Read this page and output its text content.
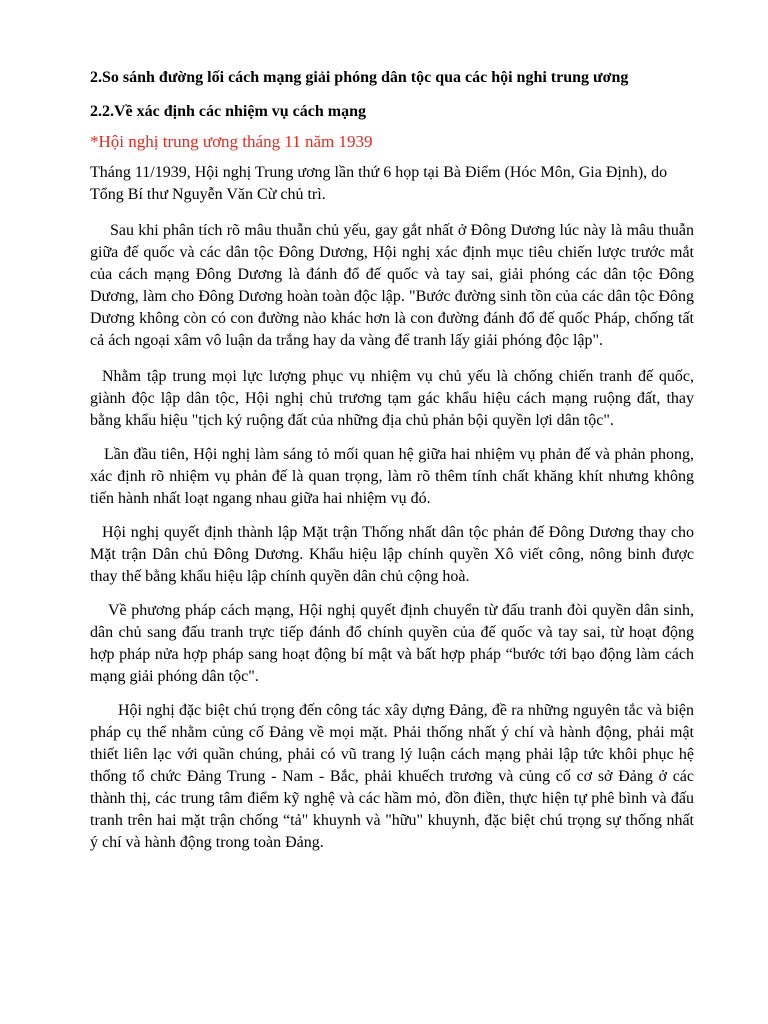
2.So sánh đường lối cách mạng giải phóng dân tộc qua các hội nghi trung ương

2.2.Về xác định các nhiệm vụ cách mạng

*Hội nghị trung ương tháng 11 năm 1939

Tháng 11/1939, Hội nghị Trung ương lần thứ 6 họp tại Bà Điểm (Hóc Môn, Gia Định), do Tổng Bí thư Nguyễn Văn Cừ chủ trì.

Sau khi phân tích rõ mâu thuẫn chủ yếu, gay gắt nhất ở Đông Dương lúc này là mâu thuẫn giữa đế quốc và các dân tộc Đông Dương, Hội nghị xác định mục tiêu chiến lược trước mắt của cách mạng Đông Dương là đánh đổ đế quốc và tay sai, giải phóng các dân tộc Đông Dương, làm cho Đông Dương hoàn toàn độc lập. "Bước đường sinh tồn của các dân tộc Đông Dương không còn có con đường nào khác hơn là con đường đánh đổ đế quốc Pháp, chống tất cả ách ngoại xâm vô luận da trắng hay da vàng để tranh lấy giải phóng độc lập".

Nhằm tập trung mọi lực lượng phục vụ nhiệm vụ chủ yếu là chống chiến tranh đế quốc, giành độc lập dân tộc, Hội nghị chủ trương tạm gác khẩu hiệu cách mạng ruộng đất, thay bằng khẩu hiệu "tịch ký ruộng đất của những địa chủ phản bội quyền lợi dân tộc".

Lần đầu tiên, Hội nghị làm sáng tỏ mối quan hệ giữa hai nhiệm vụ phản đế và phản phong, xác định rõ nhiệm vụ phản đế là quan trọng, làm rõ thêm tính chất khăng khít nhưng không tiến hành nhất loạt ngang nhau giữa hai nhiệm vụ đó.

Hội nghị quyết định thành lập Mặt trận Thống nhất dân tộc phản đế Đông Dương thay cho Mặt trận Dân chủ Đông Dương. Khẩu hiệu lập chính quyền Xô viết công, nông binh được thay thế bằng khẩu hiệu lập chính quyền dân chủ cộng hoà.

Về phương pháp cách mạng, Hội nghị quyết định chuyển từ đấu tranh đòi quyền dân sinh, dân chủ sang đấu tranh trực tiếp đánh đổ chính quyền của đế quốc và tay sai, từ hoạt động hợp pháp nửa hợp pháp sang hoạt động bí mật và bất hợp pháp “bước tới bạo động làm cách mạng giải phóng dân tộc".

Hội nghị đặc biệt chú trọng đến công tác xây dựng Đảng, đề ra những nguyên tắc và biện pháp cụ thể nhằm củng cố Đảng về mọi mặt. Phải thống nhất ý chí và hành động, phải mật thiết liên lạc với quần chúng, phải có vũ trang lý luận cách mạng phải lập tức khôi phục hệ thống tổ chức Đảng Trung - Nam - Bắc, phải khuếch trương và củng cố cơ sở Đảng ở các thành thị, các trung tâm điểm kỹ nghệ và các hầm mỏ, đồn điền, thực hiện tự phê bình và đấu tranh trên hai mặt trận chống “tả" khuynh và "hữu" khuynh, đặc biệt chú trọng sự thống nhất ý chí và hành động trong toàn Đảng.
